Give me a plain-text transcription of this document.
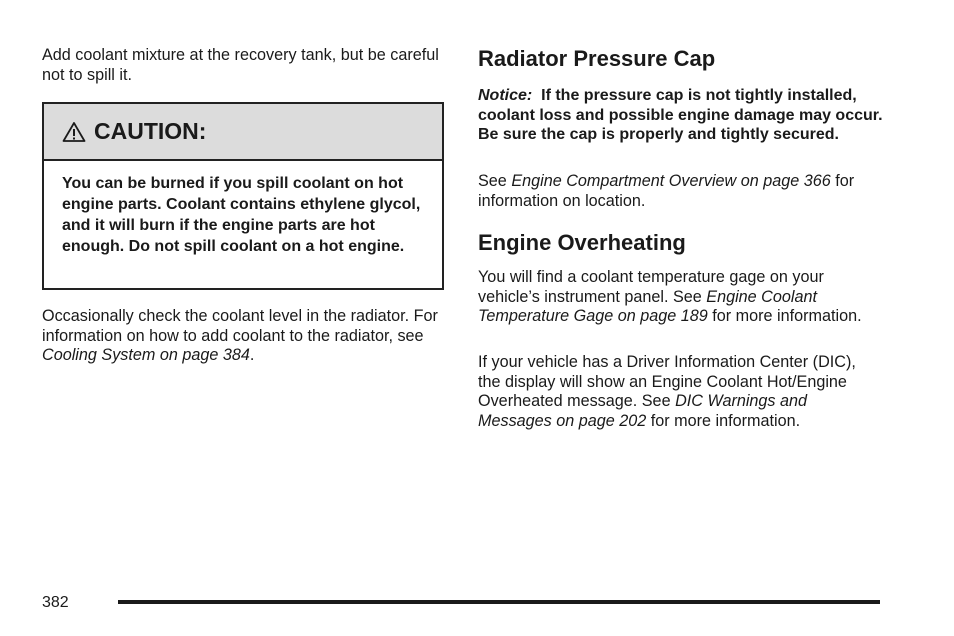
Add coolant mixture at the recovery tank, but be careful not to spill it.

CAUTION:
You can be burned if you spill coolant on hot engine parts. Coolant contains ethylene glycol, and it will burn if the engine parts are hot enough. Do not spill coolant on a hot engine.

Occasionally check the coolant level in the radiator. For information on how to add coolant to the radiator, see Cooling System on page 384.

Radiator Pressure Cap

Notice: If the pressure cap is not tightly installed, coolant loss and possible engine damage may occur. Be sure the cap is properly and tightly secured.

See Engine Compartment Overview on page 366 for information on location.

Engine Overheating

You will find a coolant temperature gage on your vehicle’s instrument panel. See Engine Coolant Temperature Gage on page 189 for more information.

If your vehicle has a Driver Information Center (DIC), the display will show an Engine Coolant Hot/Engine Overheated message. See DIC Warnings and Messages on page 202 for more information.

382
